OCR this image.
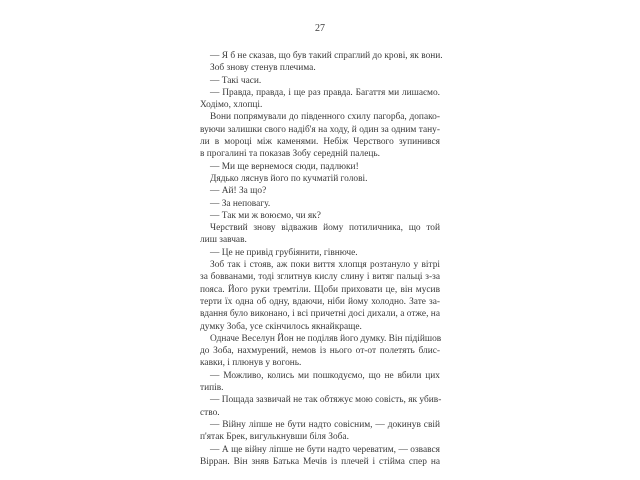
27
— Я б не сказав, що був такий спраглий до крові, як вони.
Зоб знову стенув плечима.
— Такі часи.
— Правда, правда, і ще раз правда. Багаття ми лишаємо.
Ходімо, хлопці.
Вони попрямували до південного схилу пагорба, допако-
вуючи залишки свого надіб'я на ходу, й один за одним тану-
ли в мороці між каменями. Небіж Черствого зупинився
в прогалині та показав Зобу середній палець.
— Ми ще вернемося сюди, падлюки!
Дядько ляснув його по кучматій голові.
— Ай! За що?
— За неповагу.
— Так ми ж воюємо, чи як?
Черствий знову відважив йому потиличника, що той
лиш завчав.
— Це не привід грубіянити, гівнюче.
Зоб так і стояв, аж поки виття хлопця розтануло у вітрі
за бовванами, тоді зглитнув кислу слину і витяг пальці з-за
пояса. Його руки тремтіли. Щоби приховати це, він мусив
терти їх одна об одну, вдаючи, ніби йому холодно. Зате за-
вдання було виконано, і всі причетні досі дихали, а отже, на
думку Зоба, усе скінчилось якнайкраще.
Одначе Веселун Йон не поділяв його думку. Він підійшов
до Зоба, нахмурений, немов із нього от-от полетять блис-
кавки, і плюнув у вогонь.
— Можливо, колись ми пошкодуємо, що не вбили цих
типів.
— Пощада зазвичай не так обтяжує мою совість, як убив-
ство.
— Війну ліпше не бути надто совісним, — докинув свій
п'ятак Брек, вигулькнувши біля Зоба.
— А ще війну ліпше не бути надто череватим, — озвався
Вірран. Він зняв Батька Мечів із плечей і стійма спер на
